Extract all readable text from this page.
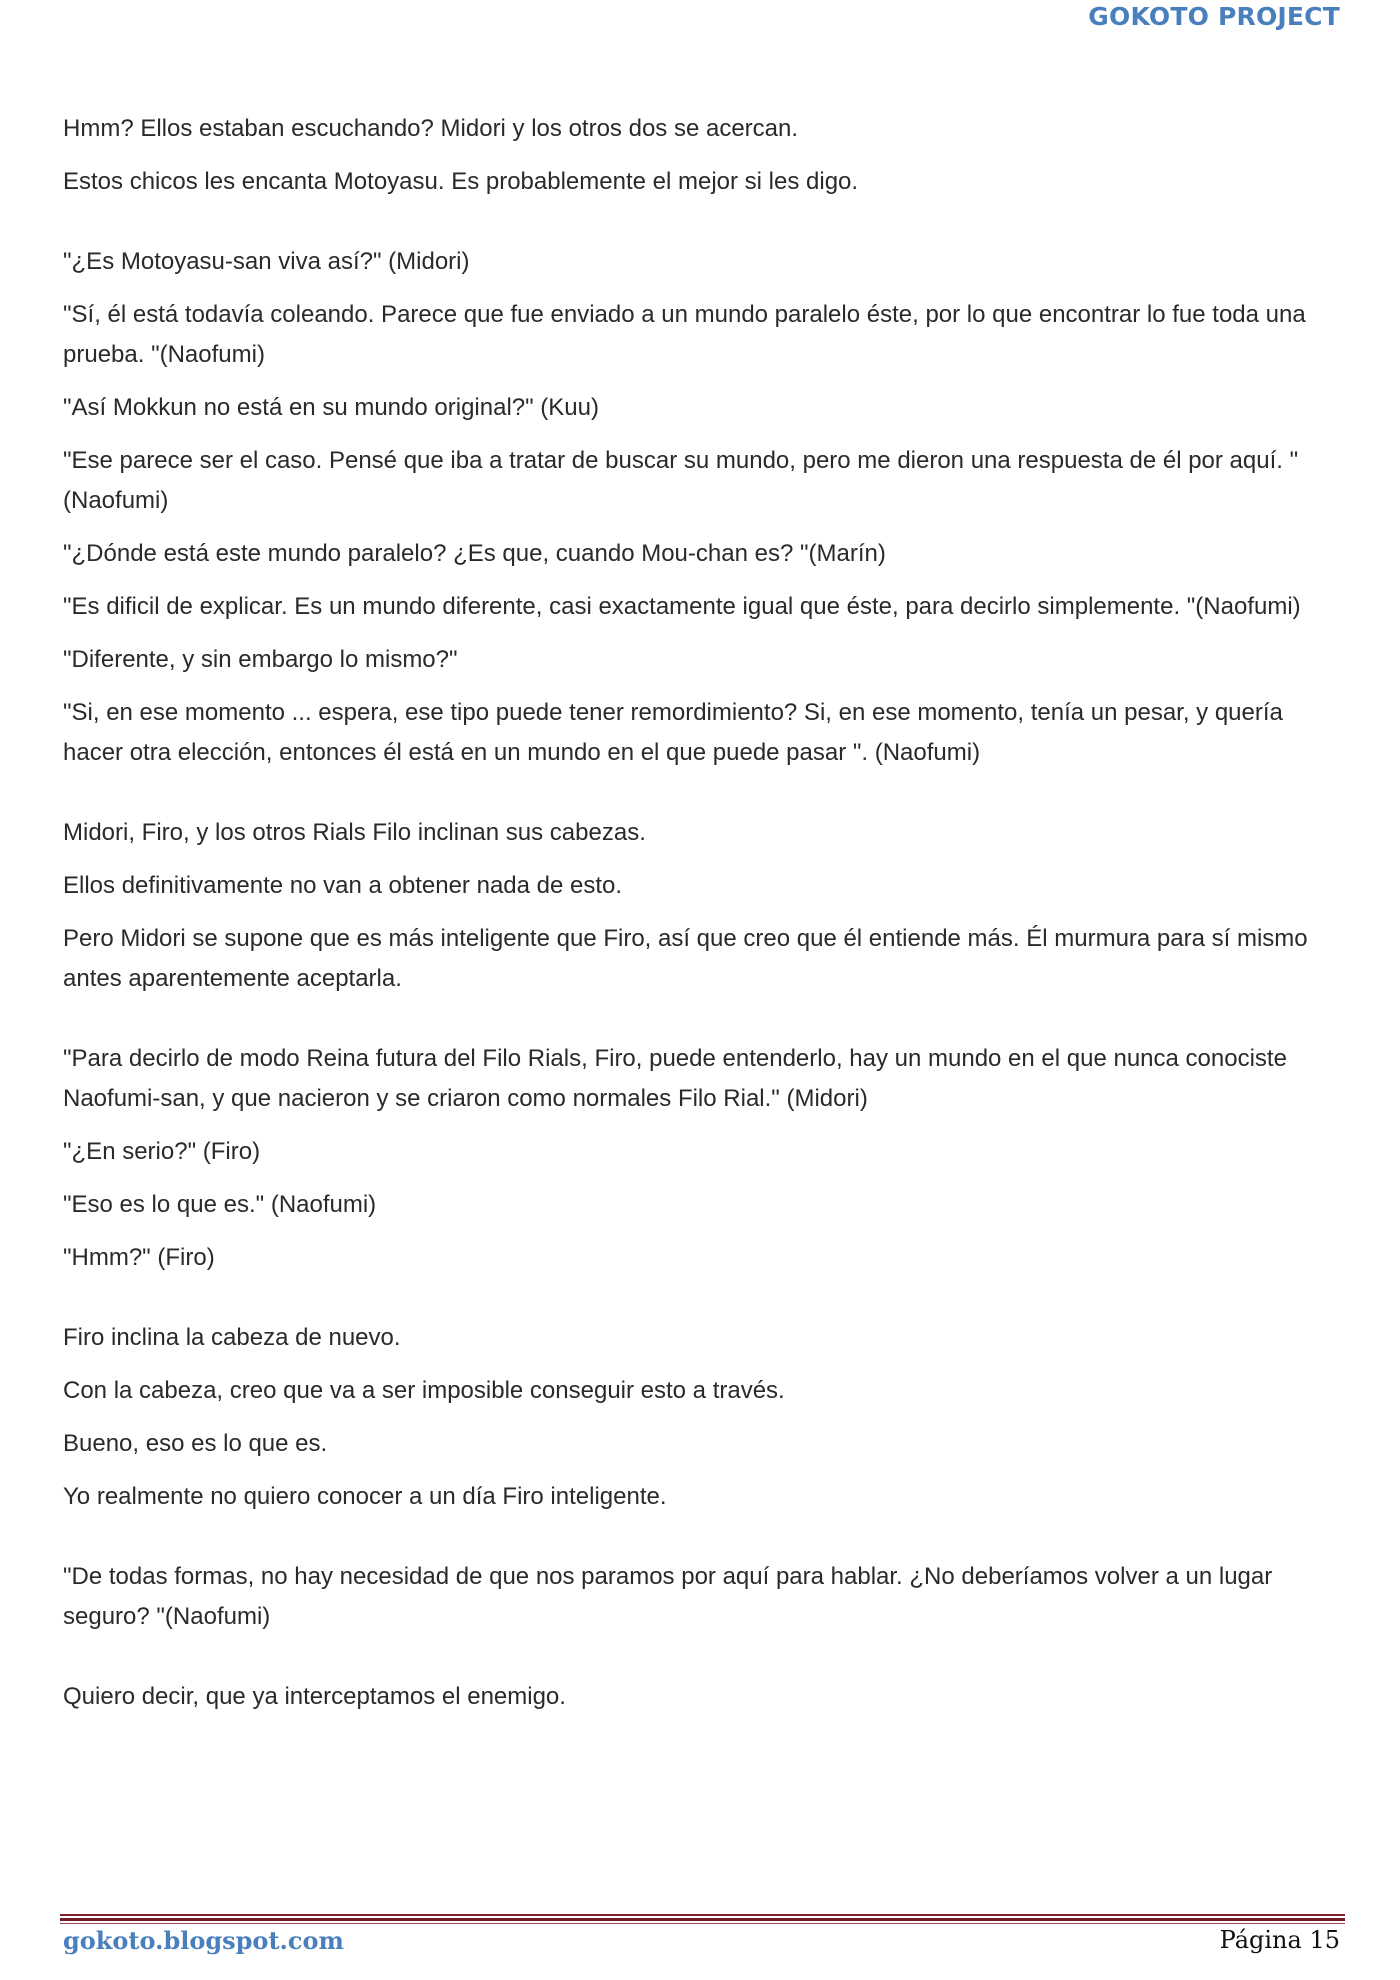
GOKOTO PROJECT

Hmm? Ellos estaban escuchando? Midori y los otros dos se acercan.

Estos chicos les encanta Motoyasu. Es probablemente el mejor si les digo.

"¿Es Motoyasu-san viva así?" (Midori)

"Sí, él está todavía coleando. Parece que fue enviado a un mundo paralelo éste, por lo que encontrar lo fue toda una prueba. "(Naofumi)

"Así Mokkun no está en su mundo original?" (Kuu)

"Ese parece ser el caso. Pensé que iba a tratar de buscar su mundo, pero me dieron una respuesta de él por aquí. "(Naofumi)

"¿Dónde está este mundo paralelo? ¿Es que, cuando Mou-chan es? "(Marín)

"Es dificil de explicar. Es un mundo diferente, casi exactamente igual que éste, para decirlo simplemente. "(Naofumi)

"Diferente, y sin embargo lo mismo?"

"Si, en ese momento ... espera, ese tipo puede tener remordimiento? Si, en ese momento, tenía un pesar, y quería hacer otra elección, entonces él está en un mundo en el que puede pasar ". (Naofumi)

Midori, Firo, y los otros Rials Filo inclinan sus cabezas.

Ellos definitivamente no van a obtener nada de esto.

Pero Midori se supone que es más inteligente que Firo, así que creo que él entiende más. Él murmura para sí mismo antes aparentemente aceptarla.

"Para decirlo de modo Reina futura del Filo Rials, Firo, puede entenderlo, hay un mundo en el que nunca conociste Naofumi-san, y que nacieron y se criaron como normales Filo Rial." (Midori)

"¿En serio?" (Firo)

"Eso es lo que es." (Naofumi)

"Hmm?" (Firo)

Firo inclina la cabeza de nuevo.

Con la cabeza, creo que va a ser imposible conseguir esto a través.

Bueno, eso es lo que es.

Yo realmente no quiero conocer a un día Firo inteligente.

"De todas formas, no hay necesidad de que nos paramos por aquí para hablar. ¿No deberíamos volver a un lugar seguro? "(Naofumi)

Quiero decir, que ya interceptamos el enemigo.

gokoto.blogspot.com	Página 15
